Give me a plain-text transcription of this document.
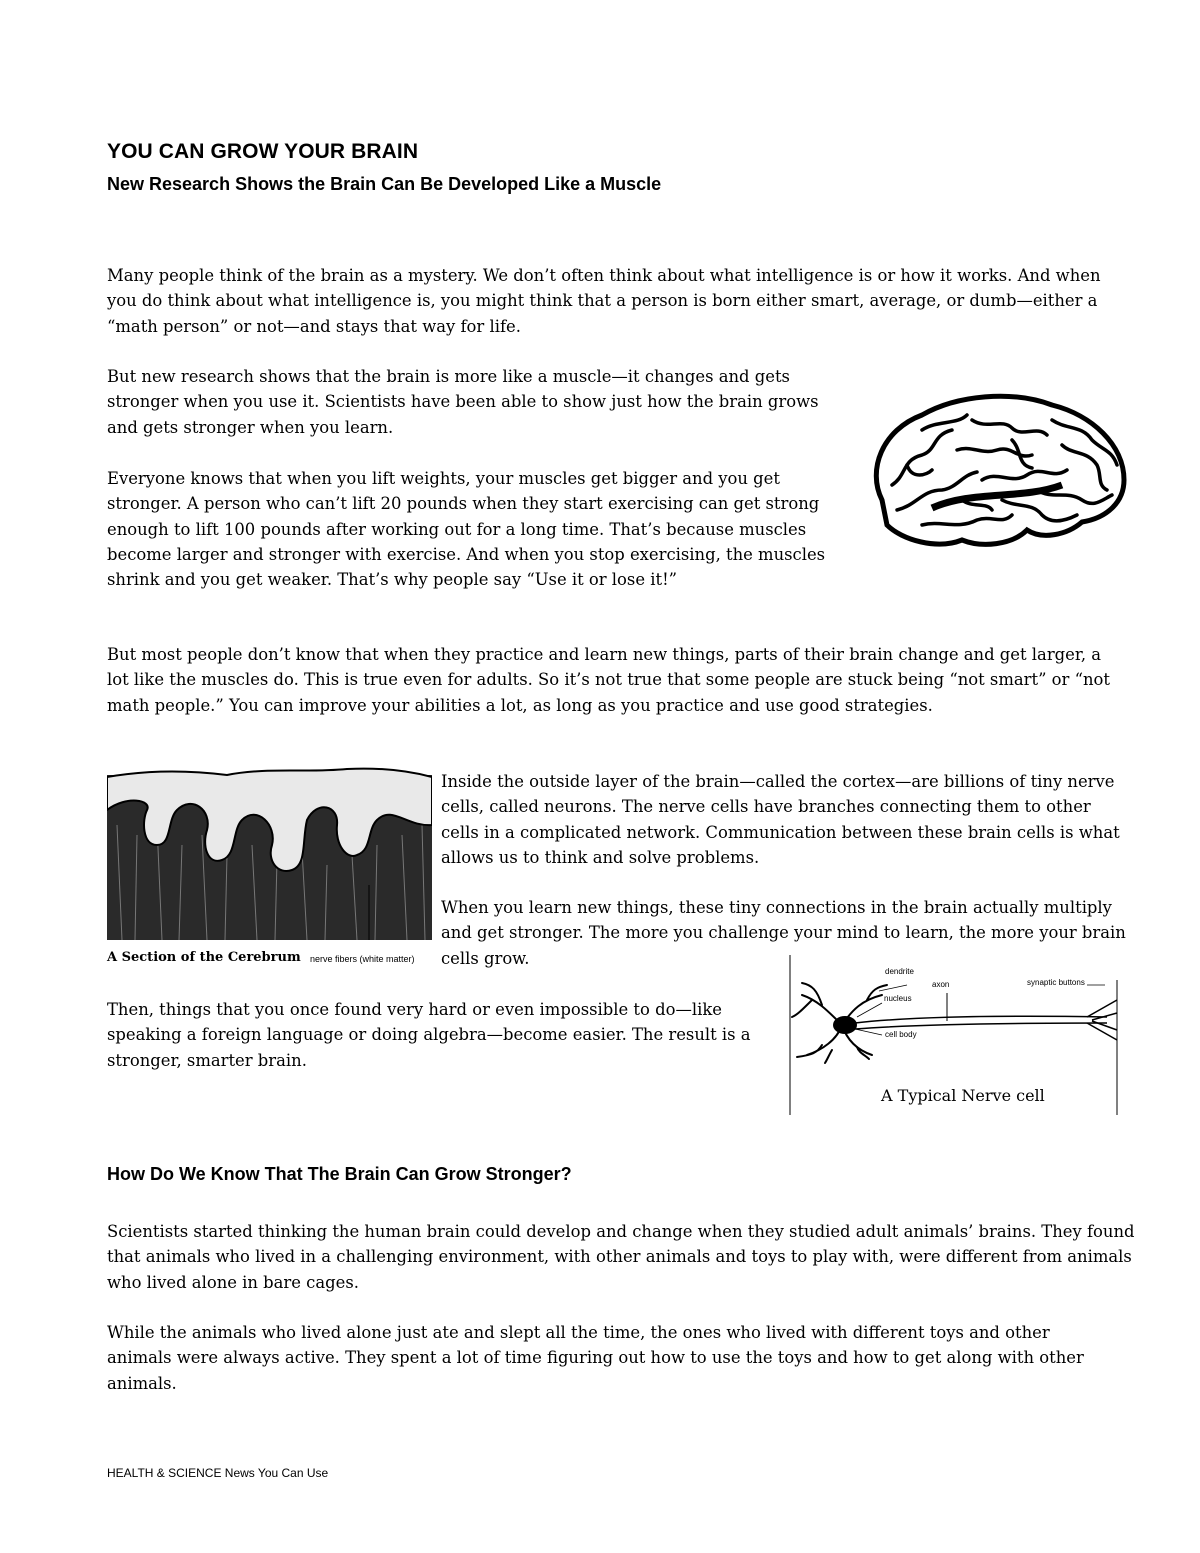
YOU CAN GROW YOUR BRAIN
New Research Shows the Brain Can Be Developed Like a Muscle

Many people think of the brain as a mystery. We don’t often think about what intelligence is or how it works. And when you do think about what intelligence is, you might think that a person is born either smart, average, or dumb—either a “math person” or not—and stays that way for life.

But new research shows that the brain is more like a muscle—it changes and gets stronger when you use it. Scientists have been able to show just how the brain grows and gets stronger when you learn.

Everyone knows that when you lift weights, your muscles get bigger and you get stronger. A person who can’t lift 20 pounds when they start exercising can get strong enough to lift 100 pounds after working out for a long time. That’s because muscles become larger and stronger with exercise. And when you stop exercising, the muscles shrink and you get weaker. That’s why people say “Use it or lose it!”

But most people don’t know that when they practice and learn new things, parts of their brain change and get larger, a lot like the muscles do. This is true even for adults. So it’s not true that some people are stuck being “not smart” or “not math people.” You can improve your abilities a lot, as long as you practice and use good strategies.

Inside the outside layer of the brain—called the cortex—are billions of tiny nerve cells, called neurons. The nerve cells have branches connecting them to other cells in a complicated network. Communication between these brain cells is what allows us to think and solve problems.

When you learn new things, these tiny connections in the brain actually multiply and get stronger. The more you challenge your mind to learn, the more your brain cells grow.

Then, things that you once found very hard or even impossible to do—like speaking a foreign language or doing algebra—become easier. The result is a stronger, smarter brain.

A Section of the Cerebrum nerve fibers (white matter)
dendrite
nucleus
axon	synaptic buttons
cell body
A Typical Nerve cell
How Do We Know That The Brain Can Grow Stronger?

Scientists started thinking the human brain could develop and change when they studied adult animals’ brains. They found that animals who lived in a challenging environment, with other animals and toys to play with, were different from animals who lived alone in bare cages.

While the animals who lived alone just ate and slept all the time, the ones who lived with different toys and other animals were always active. They spent a lot of time figuring out how to use the toys and how to get along with other animals.

HEALTH & SCIENCE News You Can Use
